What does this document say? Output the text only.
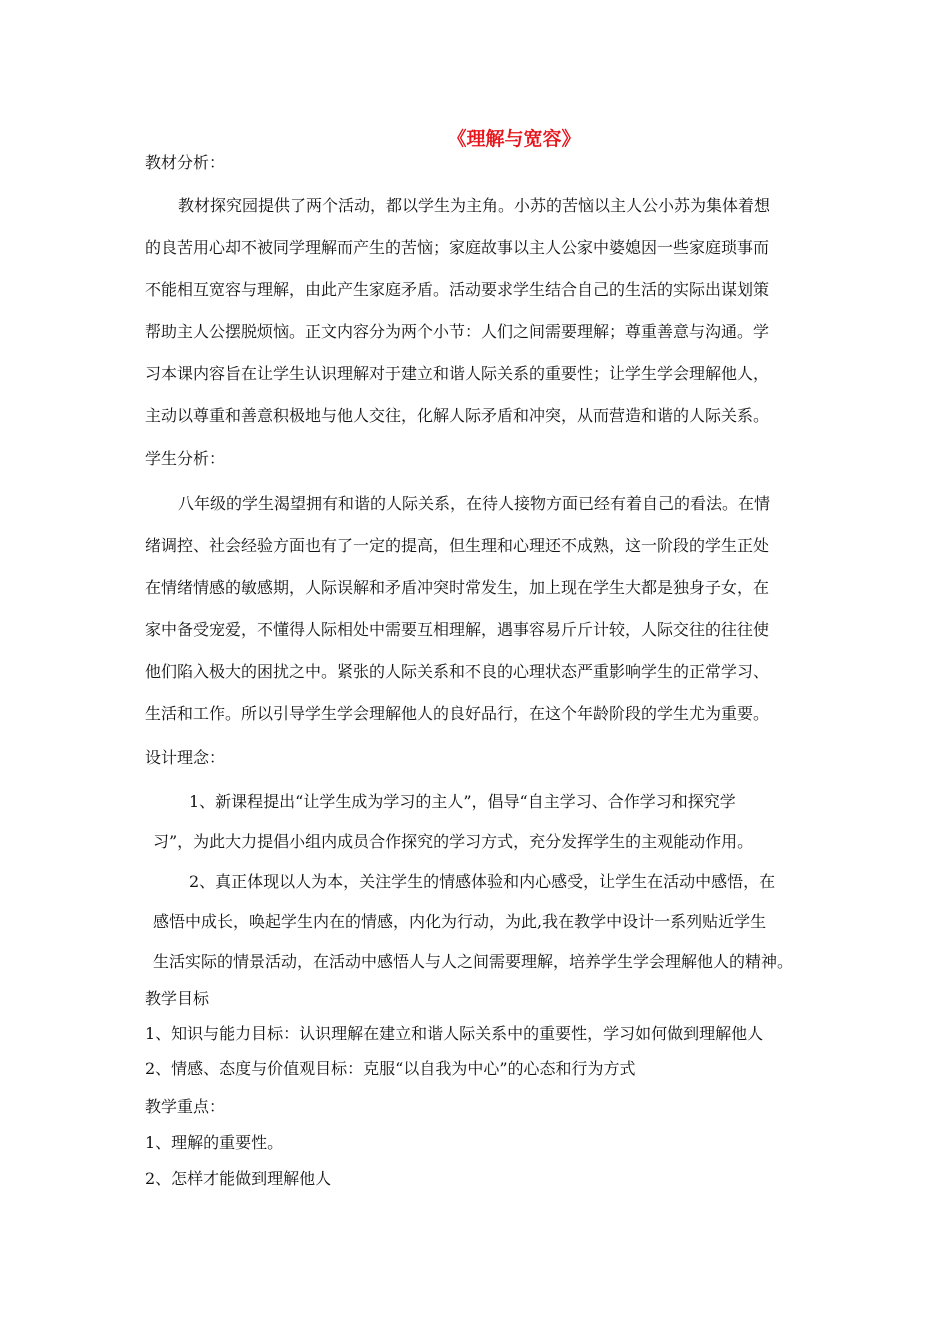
《理解与宽容》
教材分析：
教材探究园提供了两个活动，都以学生为主角。小苏的苦恼以主人公小苏为集体着想
的良苦用心却不被同学理解而产生的苦恼；家庭故事以主人公家中婆媳因一些家庭琐事而
不能相互宽容与理解，由此产生家庭矛盾。活动要求学生结合自己的生活的实际出谋划策
帮助主人公摆脱烦恼。正文内容分为两个小节：人们之间需要理解；尊重善意与沟通。学
习本课内容旨在让学生认识理解对于建立和谐人际关系的重要性；让学生学会理解他人，
主动以尊重和善意积极地与他人交往，化解人际矛盾和冲突，从而营造和谐的人际关系。
学生分析：
八年级的学生渴望拥有和谐的人际关系，在待人接物方面已经有着自己的看法。在情
绪调控、社会经验方面也有了一定的提高，但生理和心理还不成熟，这一阶段的学生正处
在情绪情感的敏感期，人际误解和矛盾冲突时常发生，加上现在学生大都是独身子女，在
家中备受宠爱，不懂得人际相处中需要互相理解，遇事容易斤斤计较，人际交往的往往使
他们陷入极大的困扰之中。紧张的人际关系和不良的心理状态严重影响学生的正常学习、
生活和工作。所以引导学生学会理解他人的良好品行，在这个年龄阶段的学生尤为重要。
设计理念：
1、新课程提出“让学生成为学习的主人”，倡导“自主学习、合作学习和探究学
习”，为此大力提倡小组内成员合作探究的学习方式，充分发挥学生的主观能动作用。
2、真正体现以人为本，关注学生的情感体验和内心感受，让学生在活动中感悟，在
感悟中成长，唤起学生内在的情感，内化为行动，为此,我在教学中设计一系列贴近学生
生活实际的情景活动，在活动中感悟人与人之间需要理解，培养学生学会理解他人的精神。
教学目标
1、知识与能力目标：认识理解在建立和谐人际关系中的重要性，学习如何做到理解他人
2、情感、态度与价值观目标：克服“以自我为中心”的心态和行为方式
教学重点：
1、理解的重要性。
2、怎样才能做到理解他人
